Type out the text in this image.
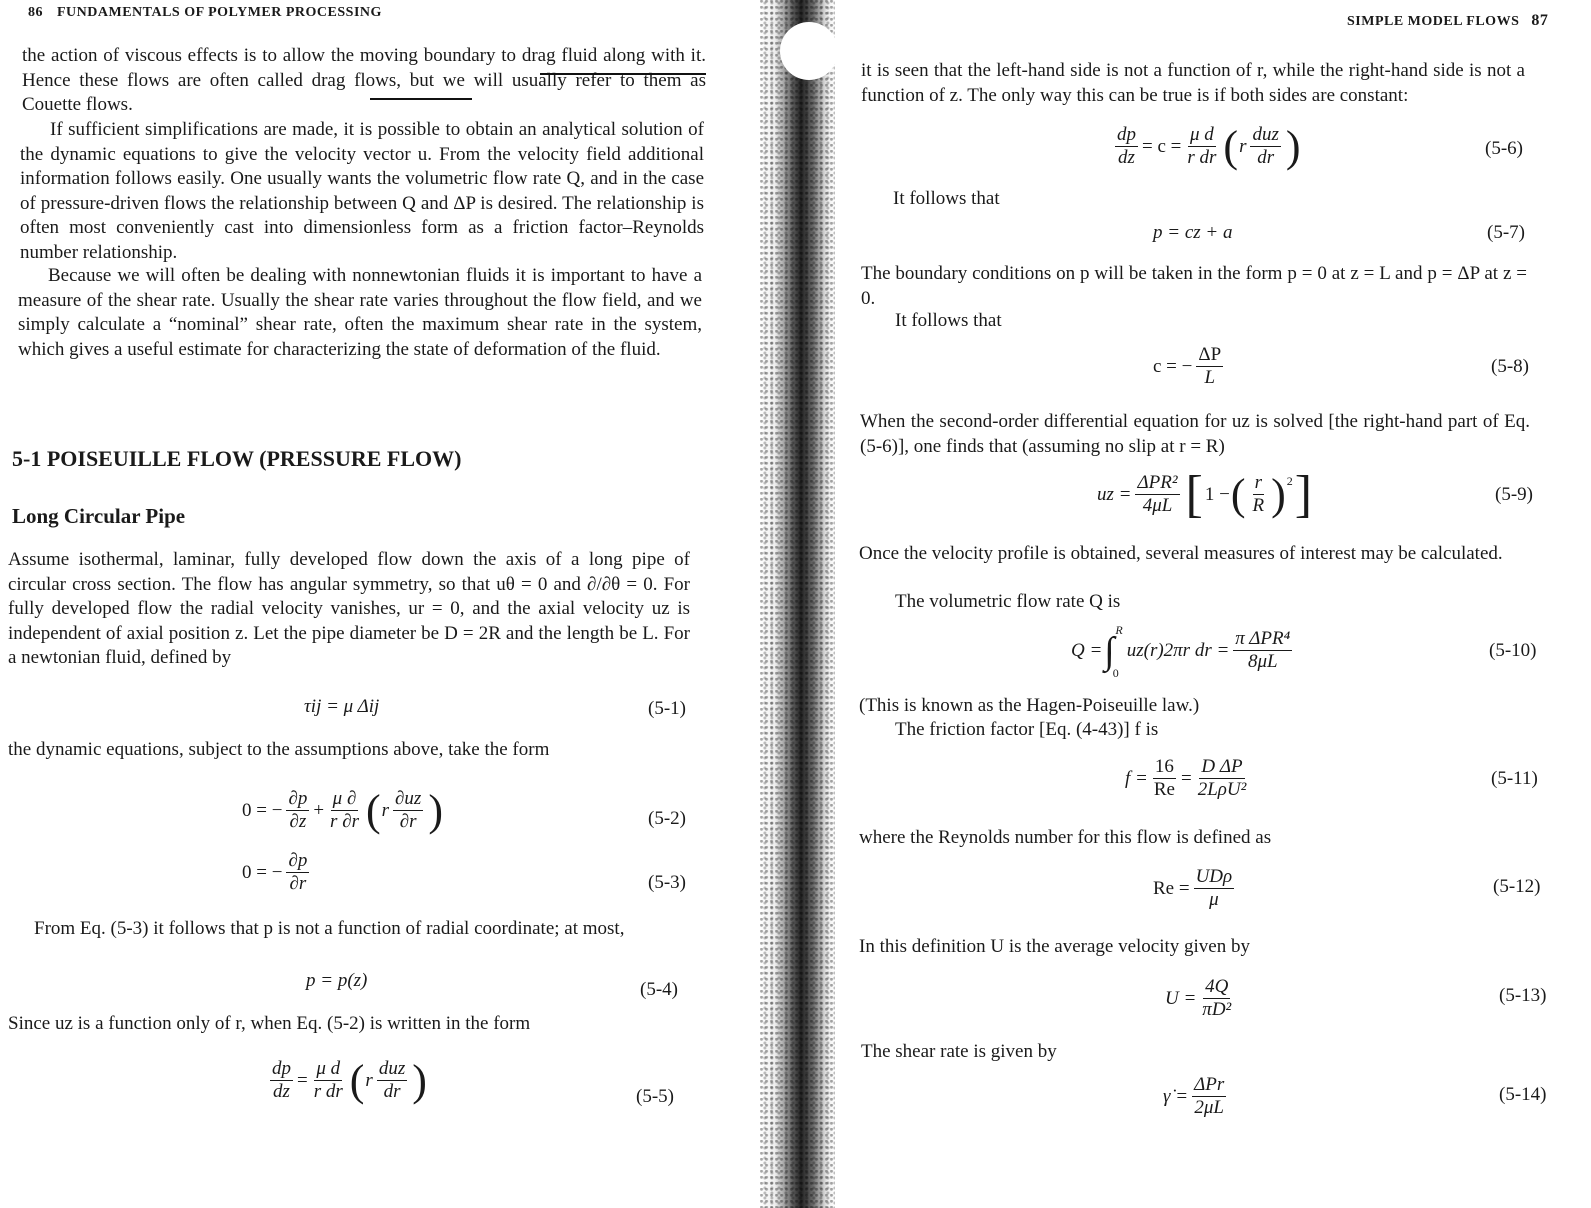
86 FUNDAMENTALS OF POLYMER PROCESSING
the action of viscous effects is to allow the moving boundary to drag fluid along with it. Hence these flows are often called drag flows, but we will usually refer to them as Couette flows.
If sufficient simplifications are made, it is possible to obtain an analytical solution of the dynamic equations to give the velocity vector u. From the velocity field additional information follows easily. One usually wants the volumetric flow rate Q, and in the case of pressure-driven flows the relationship between Q and ΔP is desired. The relationship is often most conveniently cast into dimensionless form as a friction factor–Reynolds number relationship.
Because we will often be dealing with nonnewtonian fluids it is important to have a measure of the shear rate. Usually the shear rate varies throughout the flow field, and we simply calculate a “nominal” shear rate, often the maximum shear rate in the system, which gives a useful estimate for characterizing the state of deformation of the fluid.
5-1 POISEUILLE FLOW (PRESSURE FLOW)
Long Circular Pipe
Assume isothermal, laminar, fully developed flow down the axis of a long pipe of circular cross section. The flow has angular symmetry, so that uθ = 0 and ∂/∂θ = 0. For fully developed flow the radial velocity vanishes, ur = 0, and the axial velocity uz is independent of axial position z. Let the pipe diameter be D = 2R and the length be L. For a newtonian fluid, defined by
τij = μ Δij	(5-1)
the dynamic equations, subject to the assumptions above, take the form
0 = − $\frac{\partial p}{\partial z} + \frac{\mu \partial}{r \partial r}$ ( r $\frac{\partial uz}{\partial r}$ )	(5-2)
0 = − $\frac{\partial p}{\partial r}$	(5-3)
From Eq. (5-3) it follows that p is not a function of radial coordinate; at most,
p = p(z)	(5-4)
Since uz is a function only of r, when Eq. (5-2) is written in the form
$\frac{dp}{dz} = \frac{\text{μ d}}{\text{r dr}}$ ( r $\frac{\text{duz}}{dr}$ )	(5-5)
SIMPLE MODEL FLOWS 87
it is seen that the left-hand side is not a function of r, while the right-hand side is not a function of z. The only way this can be true is if both sides are constant:
$\frac{dp}{dz} = c = \frac{\text{μ d}}{\text{r dr}}$ ( r $\frac{\text{duz}}{dr}$ )	(5-6)
It follows that
p = cz + a	(5-7)
The boundary conditions on p will be taken in the form p = 0 at z = L and p = ΔP at z = 0.
It follows that
c = − $\frac{\Delta P}{L}$	(5-8)
When the second-order differential equation for uz is solved [the right-hand part of Eq. (5-6)], one finds that (assuming no slip at r = R)
uz = $\frac{\text{ΔPR²}}{4\mu L}$ [ 1 − ( $\frac{r}{R} )^2$ ]	(5-9)
Once the velocity profile is obtained, several measures of interest may be calculated.
The volumetric flow rate Q is
Q = ∫ R
0
uz(r)2πr dr = $\frac{\text{π ΔPR⁴}}{8\mu L}$	(5-10)
(This is known as the Hagen-Poiseuille law.)
The friction factor [Eq. (4-43)] f is
$f = \frac{16}{Re} = \frac{\text{D ΔP}}{\text{2LρU²}}$	(5-11)
where the Reynolds number for this flow is defined as
$Re = \frac{\text{UDρ}}{\mu}$	(5-12)
In this definition U is the average velocity given by
$U = \frac{4Q}{\text{πD²}}$	(5-13)
The shear rate is given by
γ̇ = $\frac{\text{ΔPr}}{2\mu L}$	(5-14)
